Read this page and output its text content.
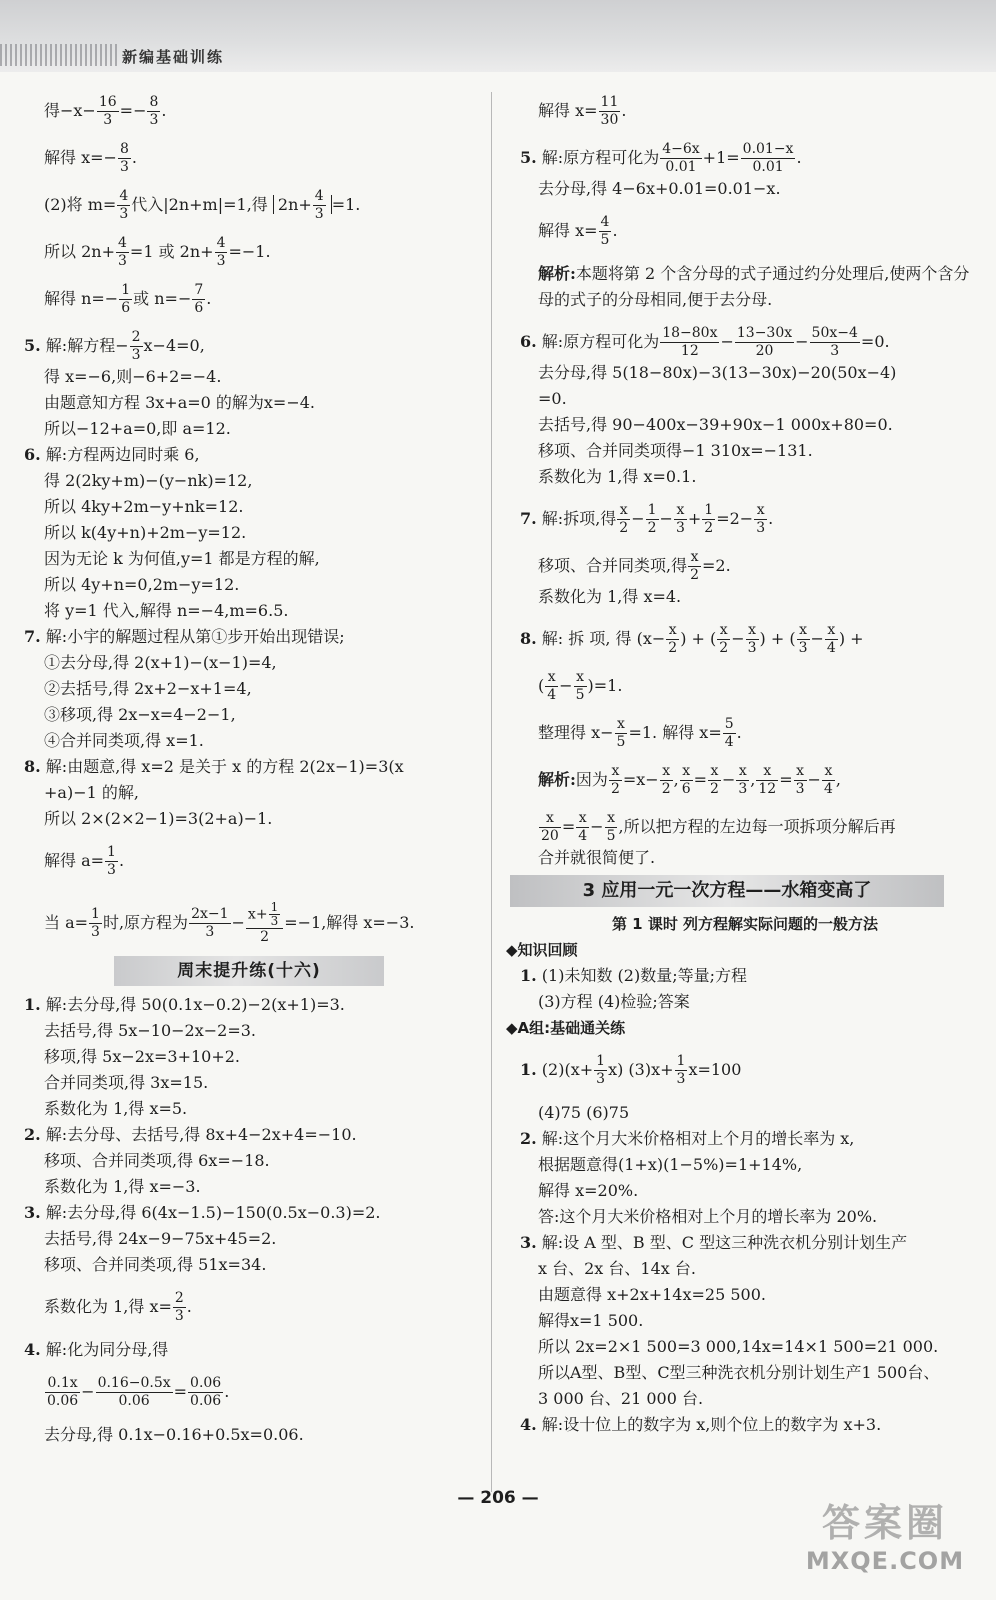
新编基础训练
得$-x- \frac{16}{3} =- \frac{8}{3}$ .
解得 $x=- \frac{8}{3}$ .
(2)将 $m= \frac{4}{3}$ 代入|2n+m|=1,得 $2n+ \frac{4}{3} =1$.
所以 $2n+ \frac{4}{3} =1$ 或 $2n+ \frac{4}{3} =-1$.
解得 $n=- \frac{1}{6}$ 或 $n=- \frac{7}{6}$ .
5. 解:解方程− $\frac{2}{3} x-4=0$,
得 x=−6,则−6+2=−4.
由题意知方程 3x+a=0 的解为x=−4.
所以−12+a=0,即 a=12.
6. 解:方程两边同时乘 6,
得 2(2ky+m)−(y−nk)=12,
所以 4ky+2m−y+nk=12.
所以 k(4y+n)+2m−y=12.
因为无论 k 为何值,y=1 都是方程的解,
所以 4y+n=0,2m−y=12.
将 y=1 代入,解得 n=−4,m=6.5.
7. 解:小宇的解题过程从第①步开始出现错误;
①去分母,得 2(x+1)−(x−1)=4,
②去括号,得 2x+2−x+1=4,
③移项,得 2x−x=4−2−1,
④合并同类项,得 x=1.
8. 解:由题意,得 x=2 是关于 x 的方程 2(2x−1)=3(x
+a)−1 的解,
所以 2×(2×2−1)=3(2+a)−1.
解得 $a= \frac{1}{3}$ .
当 $a= \frac{1}{3}$ 时,原方程为 $\frac{2x-1}{3} - \frac{x+ \frac{1}{3}}{2} =-1$,解得 x=−3.
周末提升练(十六)
1. 解:去分母,得 50(0.1x−0.2)−2(x+1)=3.
去括号,得 5x−10−2x−2=3.
移项,得 5x−2x=3+10+2.
合并同类项,得 3x=15.
系数化为 1,得 x=5.
2. 解:去分母、去括号,得 8x+4−2x+4=−10.
移项、合并同类项,得 6x=−18.
系数化为 1,得 x=−3.
3. 解:去分母,得 6(4x−1.5)−150(0.5x−0.3)=2.
去括号,得 24x−9−75x+45=2.
移项、合并同类项,得 51x=34.
系数化为 1,得 $x= \frac{2}{3}$ .
4. 解:化为同分母,得
$\frac{0.1x}{0.06} - \frac{0.16-0.5x}{0.06} = \frac{0.06}{0.06}$ .
去分母,得 0.1x−0.16+0.5x=0.06.
解得 $x= \frac{11}{30}$ .
5. 解:原方程可化为 $\frac{4-6x}{0.01} +1= \frac{0.01-x}{0.01}$ .
去分母,得 4−6x+0.01=0.01−x.
解得 $x= \frac{4}{5}$ .
解析:本题将第 2 个含分母的式子通过约分处理后,使两个含分母的式子的分母相同,便于去分母.
6. 解:原方程可化为 $\frac{18-80x}{12} - \frac{13-30x}{20} - \frac{50x-4}{3} =0$.
去分母,得 5(18−80x)−3(13−30x)−20(50x−4)
=0.
去括号,得 90−400x−39+90x−1 000x+80=0.
移项、合并同类项得−1 310x=−131.
系数化为 1,得 x=0.1.
7. 解:拆项,得 $\frac{x}{2} - \frac{1}{2} - \frac{x}{3} + \frac{1}{2} =2- \frac{x}{3}$ .
移项、合并同类项,得 $\frac{x}{2} =2$.
系数化为 1,得 x=4.
8. 解: 拆 项, 得 ($x- \frac{x}{2}$ ) + ( $\frac{x}{2} - \frac{x}{3}$ ) + ( $\frac{x}{3} - \frac{x}{4}$ ) +
( $\frac{x}{4} - \frac{x}{5} )=1$.
整理得 $x- \frac{x}{5} =1$. 解得 $x= \frac{5}{4}$ .
解析:因为 $\frac{x}{2} =x- \frac{x}{2}$ , $\frac{x}{6} = \frac{x}{2} - \frac{x}{3}$ , $\frac{x}{12} = \frac{x}{3} - \frac{x}{4}$ ,
$\frac{x}{20} = \frac{x}{4} - \frac{x}{5}$ ,所以把方程的左边每一项拆项分解后再
合并就很简便了.
3 应用一元一次方程——水箱变高了
第 1 课时 列方程解实际问题的一般方法
◆知识回顾
1. (1)未知数 (2)数量;等量;方程
(3)方程 (4)检验;答案
◆A组:基础通关练
1. $(2)(x+ \frac{1}{3} x)$ $(3)x+ \frac{1}{3} x=100$
(4)75 (6)75
2. 解:这个月大米价格相对上个月的增长率为 x,
根据题意得(1+x)(1−5%)=1+14%,
解得 x=20%.
答:这个月大米价格相对上个月的增长率为 20%.
3. 解:设 A 型、B 型、C 型这三种洗衣机分别计划生产
x 台、2x 台、14x 台.
由题意得 x+2x+14x=25 500.
解得x=1 500.
所以 2x=2×1 500=3 000,14x=14×1 500=21 000.
所以A型、B型、C型三种洗衣机分别计划生产1 500台、
3 000 台、21 000 台.
4. 解:设十位上的数字为 x,则个位上的数字为 x+3.
— 206 —
答案圈
MXQE.COM
